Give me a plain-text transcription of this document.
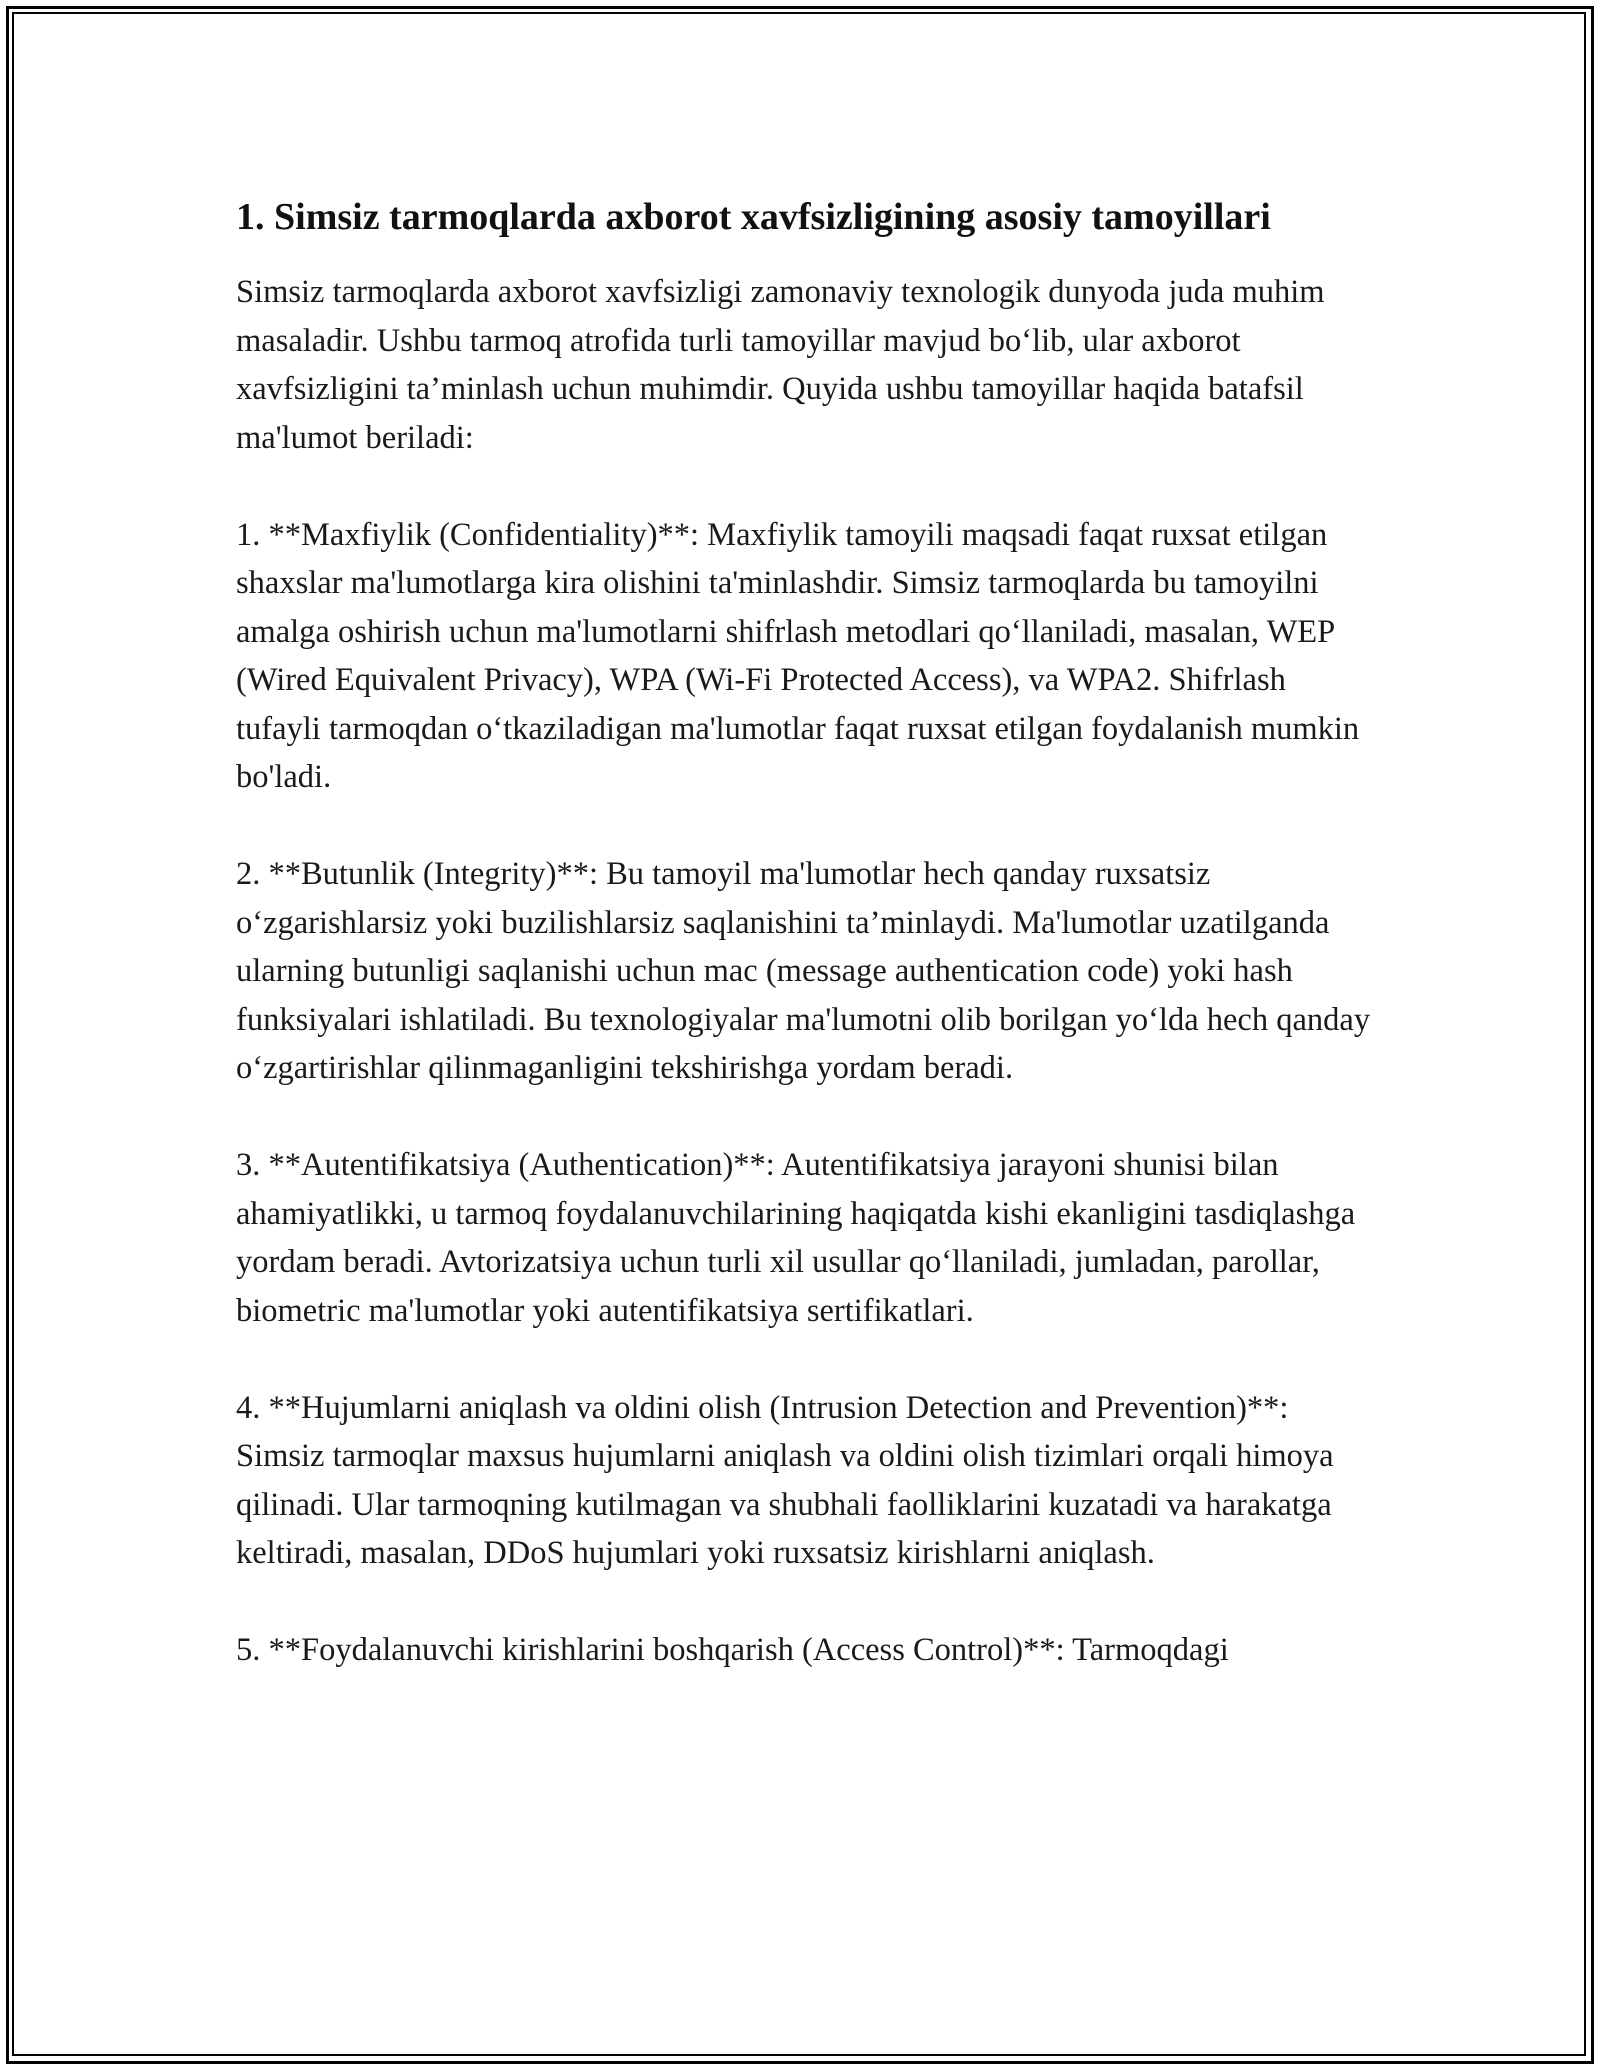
1. Simsiz tarmoqlarda axborot xavfsizligining asosiy tamoyillari

Simsiz tarmoqlarda axborot xavfsizligi zamonaviy texnologik dunyoda juda muhim masaladir. Ushbu tarmoq atrofida turli tamoyillar mavjud bo‘lib, ular axborot xavfsizligini ta’minlash uchun muhimdir. Quyida ushbu tamoyillar haqida batafsil ma'lumot beriladi:

1. **Maxfiylik (Confidentiality)**: Maxfiylik tamoyili maqsadi faqat ruxsat etilgan shaxslar ma'lumotlarga kira olishini ta'minlashdir. Simsiz tarmoqlarda bu tamoyilni amalga oshirish uchun ma'lumotlarni shifrlash metodlari qo‘llaniladi, masalan, WEP (Wired Equivalent Privacy), WPA (Wi-Fi Protected Access), va WPA2. Shifrlash tufayli tarmoqdan o‘tkaziladigan ma'lumotlar faqat ruxsat etilgan foydalanish mumkin bo'ladi.

2. **Butunlik (Integrity)**: Bu tamoyil ma'lumotlar hech qanday ruxsatsiz o‘zgarishlarsiz yoki buzilishlarsiz saqlanishini ta’minlaydi. Ma'lumotlar uzatilganda ularning butunligi saqlanishi uchun mac (message authentication code) yoki hash funksiyalari ishlatiladi. Bu texnologiyalar ma'lumotni olib borilgan yo‘lda hech qanday o‘zgartirishlar qilinmaganligini tekshirishga yordam beradi.

3. **Autentifikatsiya (Authentication)**: Autentifikatsiya jarayoni shunisi bilan ahamiyatlikki, u tarmoq foydalanuvchilarining haqiqatda kishi ekanligini tasdiqlashga yordam beradi. Avtorizatsiya uchun turli xil usullar qo‘llaniladi, jumladan, parollar, biometric ma'lumotlar yoki autentifikatsiya sertifikatlari.

4. **Hujumlarni aniqlash va oldini olish (Intrusion Detection and Prevention)**: Simsiz tarmoqlar maxsus hujumlarni aniqlash va oldini olish tizimlari orqali himoya qilinadi. Ular tarmoqning kutilmagan va shubhali faolliklarini kuzatadi va harakatga keltiradi, masalan, DDoS hujumlari yoki ruxsatsiz kirishlarni aniqlash.

5. **Foydalanuvchi kirishlarini boshqarish (Access Control)**: Tarmoqdagi
